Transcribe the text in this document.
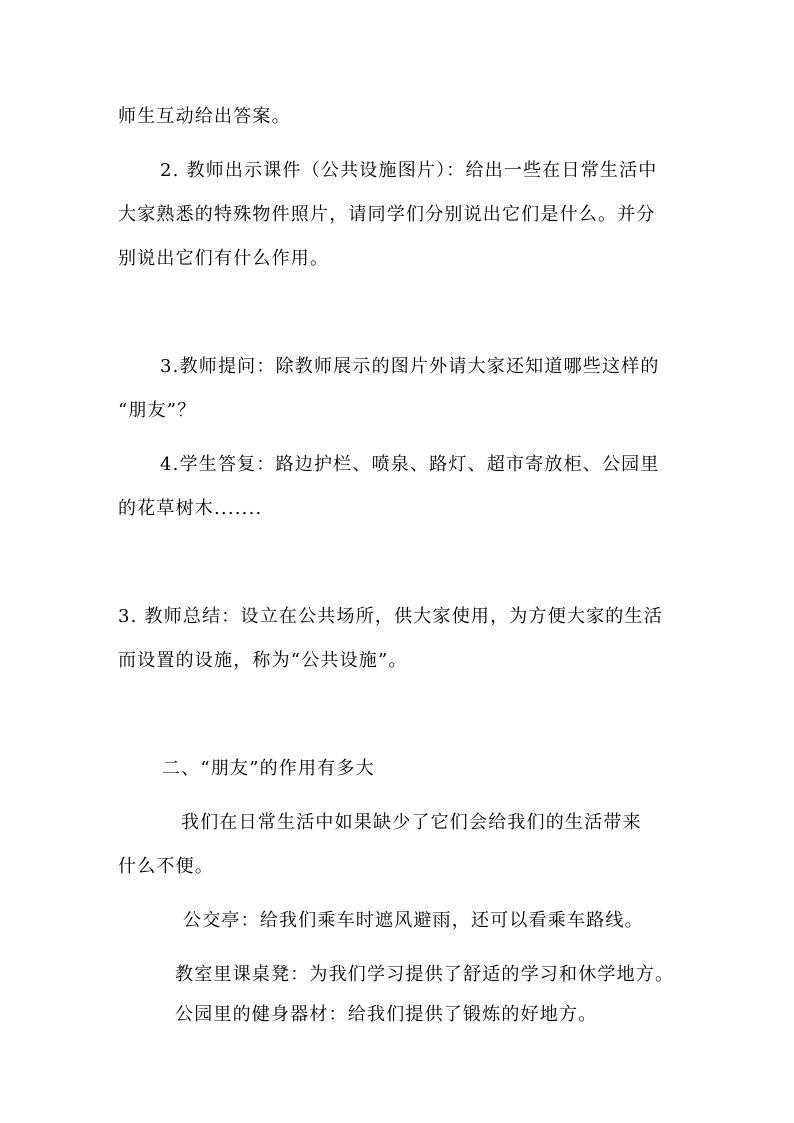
师生互动给出答案。
2. 教师出示课件（公共设施图片）：给出一些在日常生活中
大家熟悉的特殊物件照片，请同学们分别说出它们是什么。并分
别说出它们有什么作用。
3.教师提问：除教师展示的图片外请大家还知道哪些这样的
“朋友”？
4.学生答复：路边护栏、喷泉、路灯、超市寄放柜、公园里
的花草树木.......
3. 教师总结：设立在公共场所，供大家使用，为方便大家的生活
而设置的设施，称为“公共设施”。
二、“朋友”的作用有多大
我们在日常生活中如果缺少了它们会给我们的生活带来
什么不便。
公交亭：给我们乘车时遮风避雨，还可以看乘车路线。
教室里课桌凳：为我们学习提供了舒适的学习和休学地方。
公园里的健身器材：给我们提供了锻炼的好地方。
